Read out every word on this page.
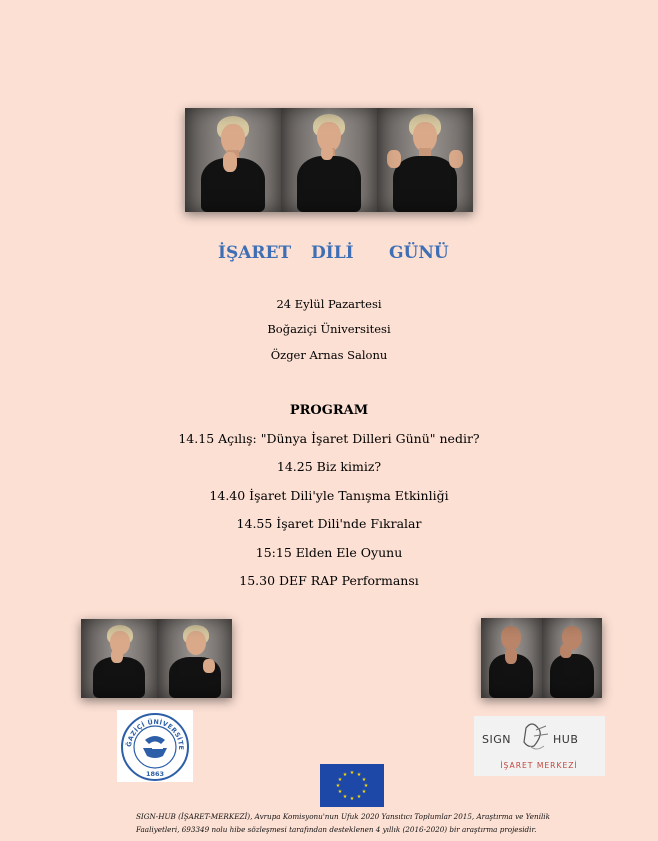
İŞARET DİLİ GÜNÜ
24 Eylül Pazartesi
Boğaziçi Üniversitesi
Özger Arnas Salonu
PROGRAM
14.15 Açılış: "Dünya İşaret Dilleri Günü" nedir?
14.25 Biz kimiz?
14.40 İşaret Dili'yle Tanışma Etkinliği
14.55 İşaret Dili'nde Fıkralar
15:15 Elden Ele Oyunu
15.30 DEF RAP Performansı
ĞAZİÇİ ÜNİVERSİTE
1863	★ ★
★
★
★
★
★
★
★
★
★
★
SIGN	HUB
İŞARET MERKEZİ
SIGN-HUB (İŞARET-MERKEZİ), Avrupa Komisyonu'nun Ufuk 2020 Yansıtıcı Toplumlar 2015, Araştırma ve Yenilik
Faaliyetleri, 693349 nolu hibe sözleşmesi tarafından desteklenen 4 yıllık (2016-2020) bir araştırma projesidir.
